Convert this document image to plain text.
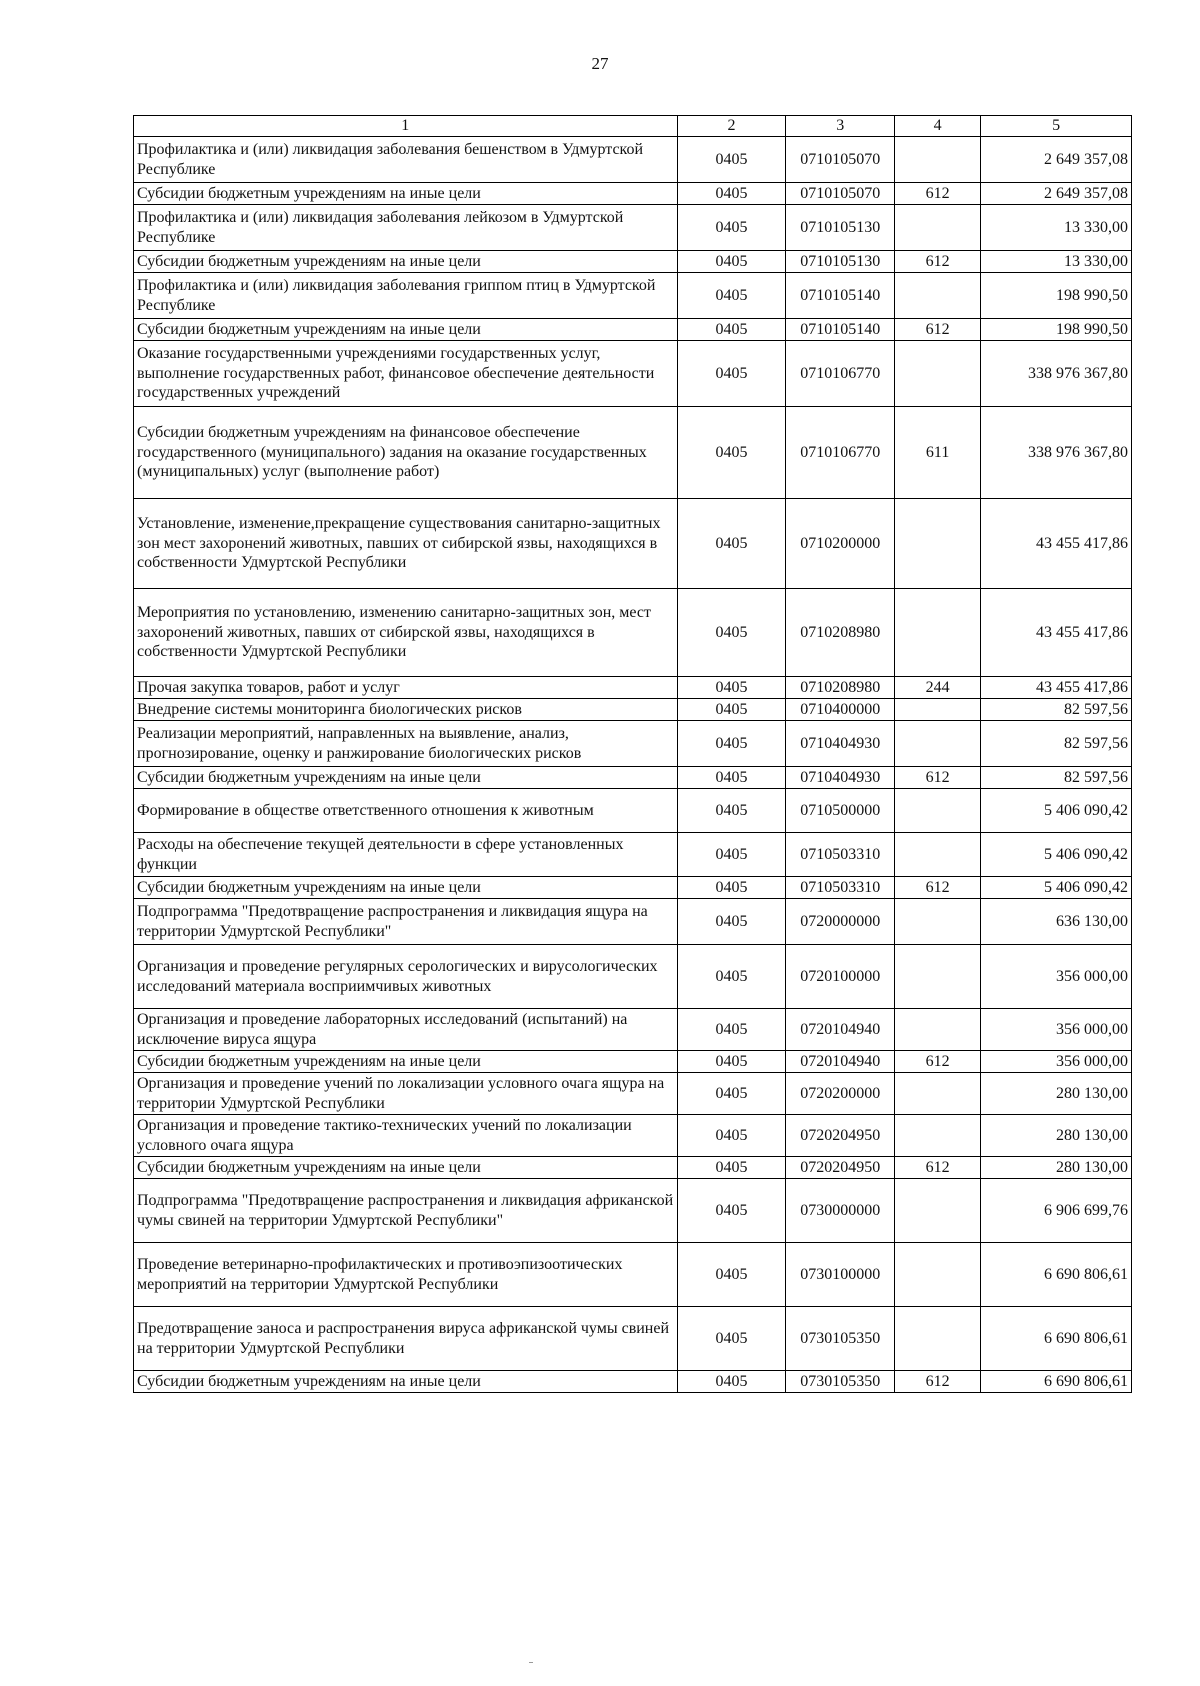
27
1	2	3	4	5
Профилактика и (или) ликвидация заболевания бешенством в Удмуртской Республике	0405	0710105070		2 649 357,08
Субсидии бюджетным учреждениям на иные цели	0405	0710105070	612	2 649 357,08
Профилактика и (или) ликвидация заболевания лейкозом в Удмуртской Республике	0405	0710105130		13 330,00
Субсидии бюджетным учреждениям на иные цели	0405	0710105130	612	13 330,00
Профилактика и (или) ликвидация заболевания гриппом птиц в Удмуртской Республике	0405	0710105140		198 990,50
Субсидии бюджетным учреждениям на иные цели	0405	0710105140	612	198 990,50
Оказание государственными учреждениями государственных услуг, выполнение государственных работ, финансовое обеспечение деятельности государственных учреждений	0405	0710106770		338 976 367,80
Субсидии бюджетным учреждениям на финансовое обеспечение государственного (муниципального) задания на оказание государственных (муниципальных) услуг (выполнение работ)	0405	0710106770	611	338 976 367,80
Установление, изменение,прекращение существования санитарно-защитных зон мест захоронений животных, павших от сибирской язвы, находящихся в собственности Удмуртской Республики	0405	0710200000		43 455 417,86
Мероприятия по установлению, изменению санитарно-защитных зон, мест захоронений животных, павших от сибирской язвы, находящихся в собственности Удмуртской Республики	0405	0710208980		43 455 417,86
Прочая закупка товаров, работ и услуг	0405	0710208980	244	43 455 417,86
Внедрение системы мониторинга биологических рисков	0405	0710400000		82 597,56
Реализации мероприятий, направленных на выявление, анализ, прогнозирование, оценку и ранжирование биологических рисков	0405	0710404930		82 597,56
Субсидии бюджетным учреждениям на иные цели	0405	0710404930	612	82 597,56
Формирование в обществе ответственного отношения к животным	0405	0710500000		5 406 090,42
Расходы на обеспечение текущей деятельности в сфере установленных функции	0405	0710503310		5 406 090,42
Субсидии бюджетным учреждениям на иные цели	0405	0710503310	612	5 406 090,42
Подпрограмма "Предотвращение распространения и ликвидация ящура на территории Удмуртской Республики"	0405	0720000000		636 130,00
Организация и проведение регулярных серологических и вирусологических исследований материала восприимчивых животных	0405	0720100000		356 000,00
Организация и проведение лабораторных исследований (испытаний) на исключение вируса ящура	0405	0720104940		356 000,00
Субсидии бюджетным учреждениям на иные цели	0405	0720104940	612	356 000,00
Организация и проведение учений по локализации условного очага ящура на территории Удмуртской Республики	0405	0720200000		280 130,00
Организация и проведение тактико-технических учений по локализации условного очага ящура	0405	0720204950		280 130,00
Субсидии бюджетным учреждениям на иные цели	0405	0720204950	612	280 130,00
Подпрограмма "Предотвращение распространения и ликвидация африканской чумы свиней на территории Удмуртской Республики"	0405	0730000000		6 906 699,76
Проведение ветеринарно-профилактических и противоэпизоотических мероприятий на территории Удмуртской Республики	0405	0730100000		6 690 806,61
Предотвращение заноса и распространения вируса африканской чумы свиней на территории Удмуртской Республики	0405	0730105350		6 690 806,61
Субсидии бюджетным учреждениям на иные цели	0405	0730105350	612	6 690 806,61
